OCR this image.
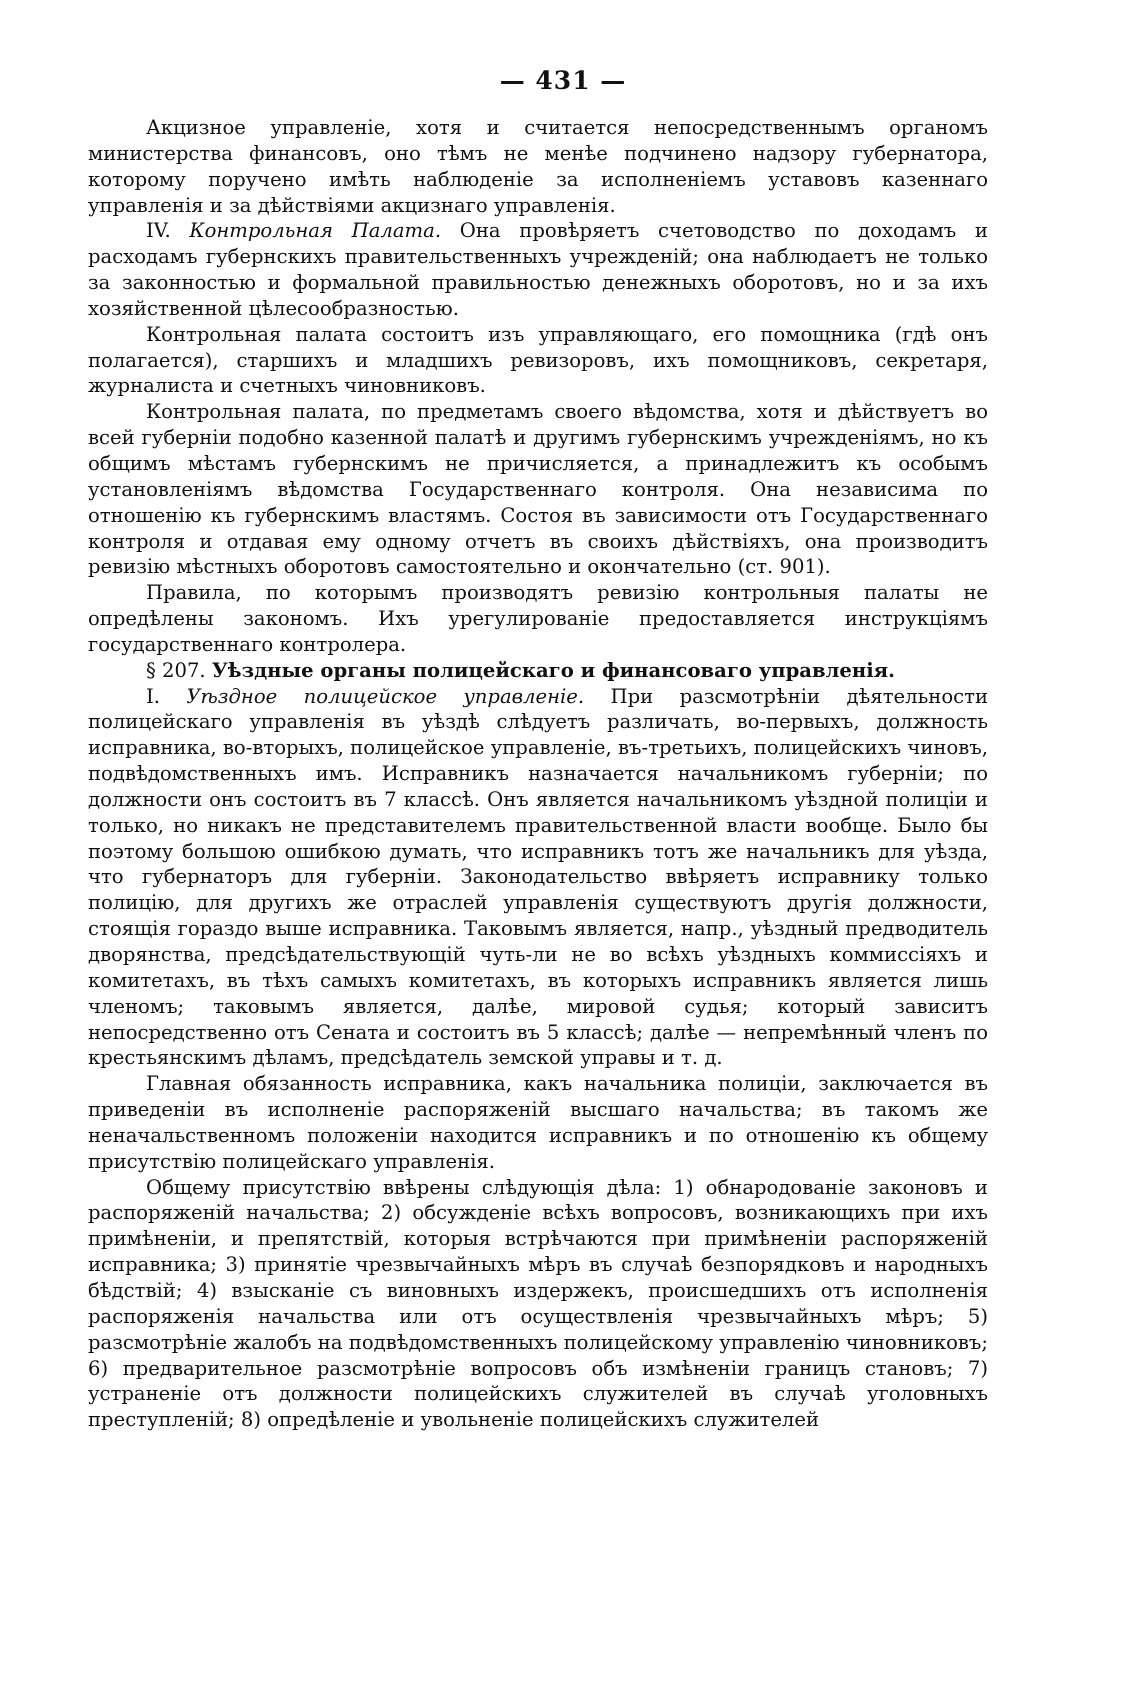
— 431 —

Акцизное управленіе, хотя и считается непосредственнымъ органомъ министерства финансовъ, оно тѣмъ не менѣе подчинено надзору губернатора, которому поручено имѣть наблюденіе за исполненіемъ уставовъ казеннаго управленія и за дѣйствіями акцизнаго управленія.

IV. Контрольная Палата. Она провѣряетъ счетоводство по доходамъ и расходамъ губернскихъ правительственныхъ учрежденій; она наблюдаетъ не только за законностью и формальной правильностью денежныхъ оборотовъ, но и за ихъ хозяйственной цѣлесообразностью.

Контрольная палата состоитъ изъ управляющаго, его помощника (гдѣ онъ полагается), старшихъ и младшихъ ревизоровъ, ихъ помощниковъ, секретаря, журналиста и счетныхъ чиновниковъ.

Контрольная палата, по предметамъ своего вѣдомства, хотя и дѣйствуетъ во всей губерніи подобно казенной палатѣ и другимъ губернскимъ учрежденіямъ, но къ общимъ мѣстамъ губернскимъ не причисляется, а принадлежитъ къ особымъ установленіямъ вѣдомства Государственнаго контроля. Она независима по отношенію къ губернскимъ властямъ. Состоя въ зависимости отъ Государственнаго контроля и отдавая ему одному отчетъ въ своихъ дѣйствіяхъ, она производитъ ревизію мѣстныхъ оборотовъ самостоятельно и окончательно (ст. 901).

Правила, по которымъ производятъ ревизію контрольныя палаты не опредѣлены закономъ. Ихъ урегулированіе предоставляется инструкціямъ государственнаго контролера.

§ 207. Уѣздные органы полицейскаго и финансоваго управленія.

I. Уѣздное полицейское управленіе. При разсмотрѣніи дѣятельности полицейскаго управленія въ уѣздѣ слѣдуетъ различать, во-первыхъ, должность исправника, во-вторыхъ, полицейское управленіе, въ-третьихъ, полицейскихъ чиновъ, подвѣдомственныхъ имъ. Исправникъ назначается начальникомъ губерніи; по должности онъ состоитъ въ 7 классѣ. Онъ является начальникомъ уѣздной полиціи и только, но никакъ не представителемъ правительственной власти вообще. Было бы поэтому большою ошибкою думать, что исправникъ тотъ же начальникъ для уѣзда, что губернаторъ для губерніи. Законодательство ввѣряетъ исправнику только полицію, для другихъ же отраслей управленія существуютъ другія должности, стоящія гораздо выше исправника. Таковымъ является, напр., уѣздный предводитель дворянства, предсѣдательствующій чуть-ли не во всѣхъ уѣздныхъ коммиссіяхъ и комитетахъ, въ тѣхъ самыхъ комитетахъ, въ которыхъ исправникъ является лишь членомъ; таковымъ является, далѣе, мировой судья; который зависитъ непосредственно отъ Сената и состоитъ въ 5 классѣ; далѣе — непремѣнный членъ по крестьянскимъ дѣламъ, предсѣдатель земской управы и т. д.

Главная обязанность исправника, какъ начальника полиціи, заключается въ приведеніи въ исполненіе распоряженій высшаго начальства; въ такомъ же неначальственномъ положеніи находится исправникъ и по отношенію къ общему присутствію полицейскаго управленія.

Общему присутствію ввѣрены слѣдующія дѣла: 1) обнародованіе законовъ и распоряженій начальства; 2) обсужденіе всѣхъ вопросовъ, возникающихъ при ихъ примѣненіи, и препятствій, которыя встрѣчаются при примѣненіи распоряженій исправника; 3) принятіе чрезвычайныхъ мѣръ въ случаѣ безпорядковъ и народныхъ бѣдствій; 4) взысканіе съ виновныхъ издержекъ, происшедшихъ отъ исполненія распоряженія начальства или отъ осуществленія чрезвычайныхъ мѣръ; 5) разсмотрѣніе жалобъ на подвѣдомственныхъ полицейскому управленію чиновниковъ; 6) предварительное разсмотрѣніе вопросовъ объ измѣненіи границъ становъ; 7) устраненіе отъ должности полицейскихъ служителей въ случаѣ уголовныхъ преступленій; 8) опредѣленіе и увольненіе полицейскихъ служителей
